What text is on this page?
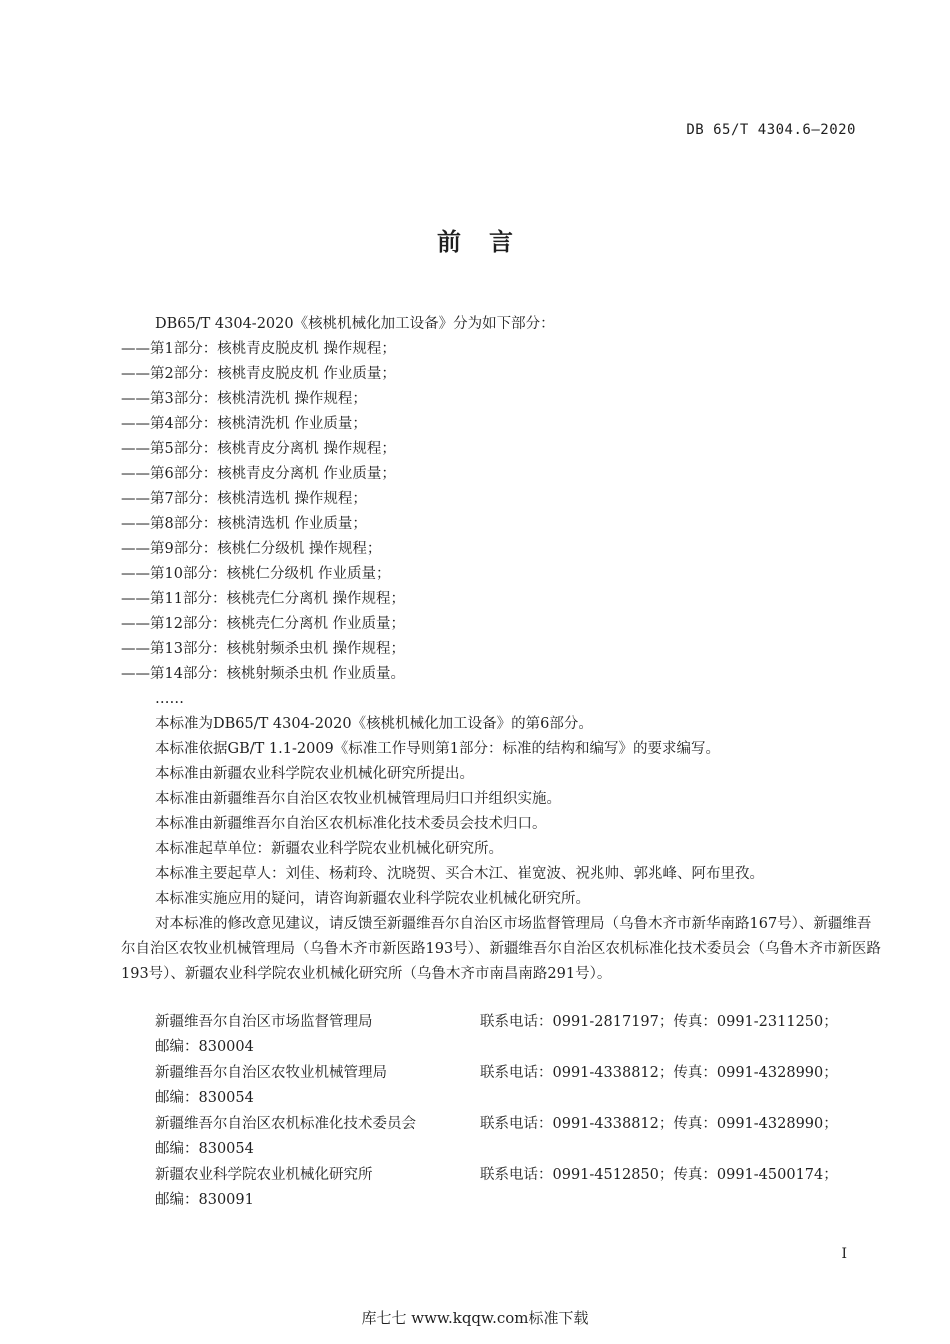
DB 65/T 4304.6—2020
前言
DB65/T 4304-2020《核桃机械化加工设备》分为如下部分：
——第1部分：核桃青皮脱皮机 操作规程；
——第2部分：核桃青皮脱皮机 作业质量；
——第3部分：核桃清洗机 操作规程；
——第4部分：核桃清洗机 作业质量；
——第5部分：核桃青皮分离机 操作规程；
——第6部分：核桃青皮分离机 作业质量；
——第7部分：核桃清选机 操作规程；
——第8部分：核桃清选机 作业质量；
——第9部分：核桃仁分级机 操作规程；
——第10部分：核桃仁分级机 作业质量；
——第11部分：核桃壳仁分离机 操作规程；
——第12部分：核桃壳仁分离机 作业质量；
——第13部分：核桃射频杀虫机 操作规程；
——第14部分：核桃射频杀虫机 作业质量。
……
本标准为DB65/T 4304-2020《核桃机械化加工设备》的第6部分。
本标准依据GB/T 1.1-2009《标准工作导则第1部分：标准的结构和编写》的要求编写。
本标准由新疆农业科学院农业机械化研究所提出。
本标准由新疆维吾尔自治区农牧业机械管理局归口并组织实施。
本标准由新疆维吾尔自治区农机标准化技术委员会技术归口。
本标准起草单位：新疆农业科学院农业机械化研究所。
本标准主要起草人：刘佳、杨莉玲、沈晓贺、买合木江、崔宽波、祝兆帅、郭兆峰、阿布里孜。
本标准实施应用的疑问，请咨询新疆农业科学院农业机械化研究所。
对本标准的修改意见建议，请反馈至新疆维吾尔自治区市场监督管理局（乌鲁木齐市新华南路167号）、新疆维吾尔自治区农牧业机械管理局（乌鲁木齐市新医路193号）、新疆维吾尔自治区农机标准化技术委员会（乌鲁木齐市新医路193号）、新疆农业科学院农业机械化研究所（乌鲁木齐市南昌南路291号）。
新疆维吾尔自治区市场监督管理局	联系电话：0991-2817197；传真：0991-2311250；
邮编：830004
新疆维吾尔自治区农牧业机械管理局	联系电话：0991-4338812；传真：0991-4328990；
邮编：830054
新疆维吾尔自治区农机标准化技术委员会	联系电话：0991-4338812；传真：0991-4328990；
邮编：830054
新疆农业科学院农业机械化研究所	联系电话：0991-4512850；传真：0991-4500174；
邮编：830091
I
库七七 www.kqqw.com标准下载
